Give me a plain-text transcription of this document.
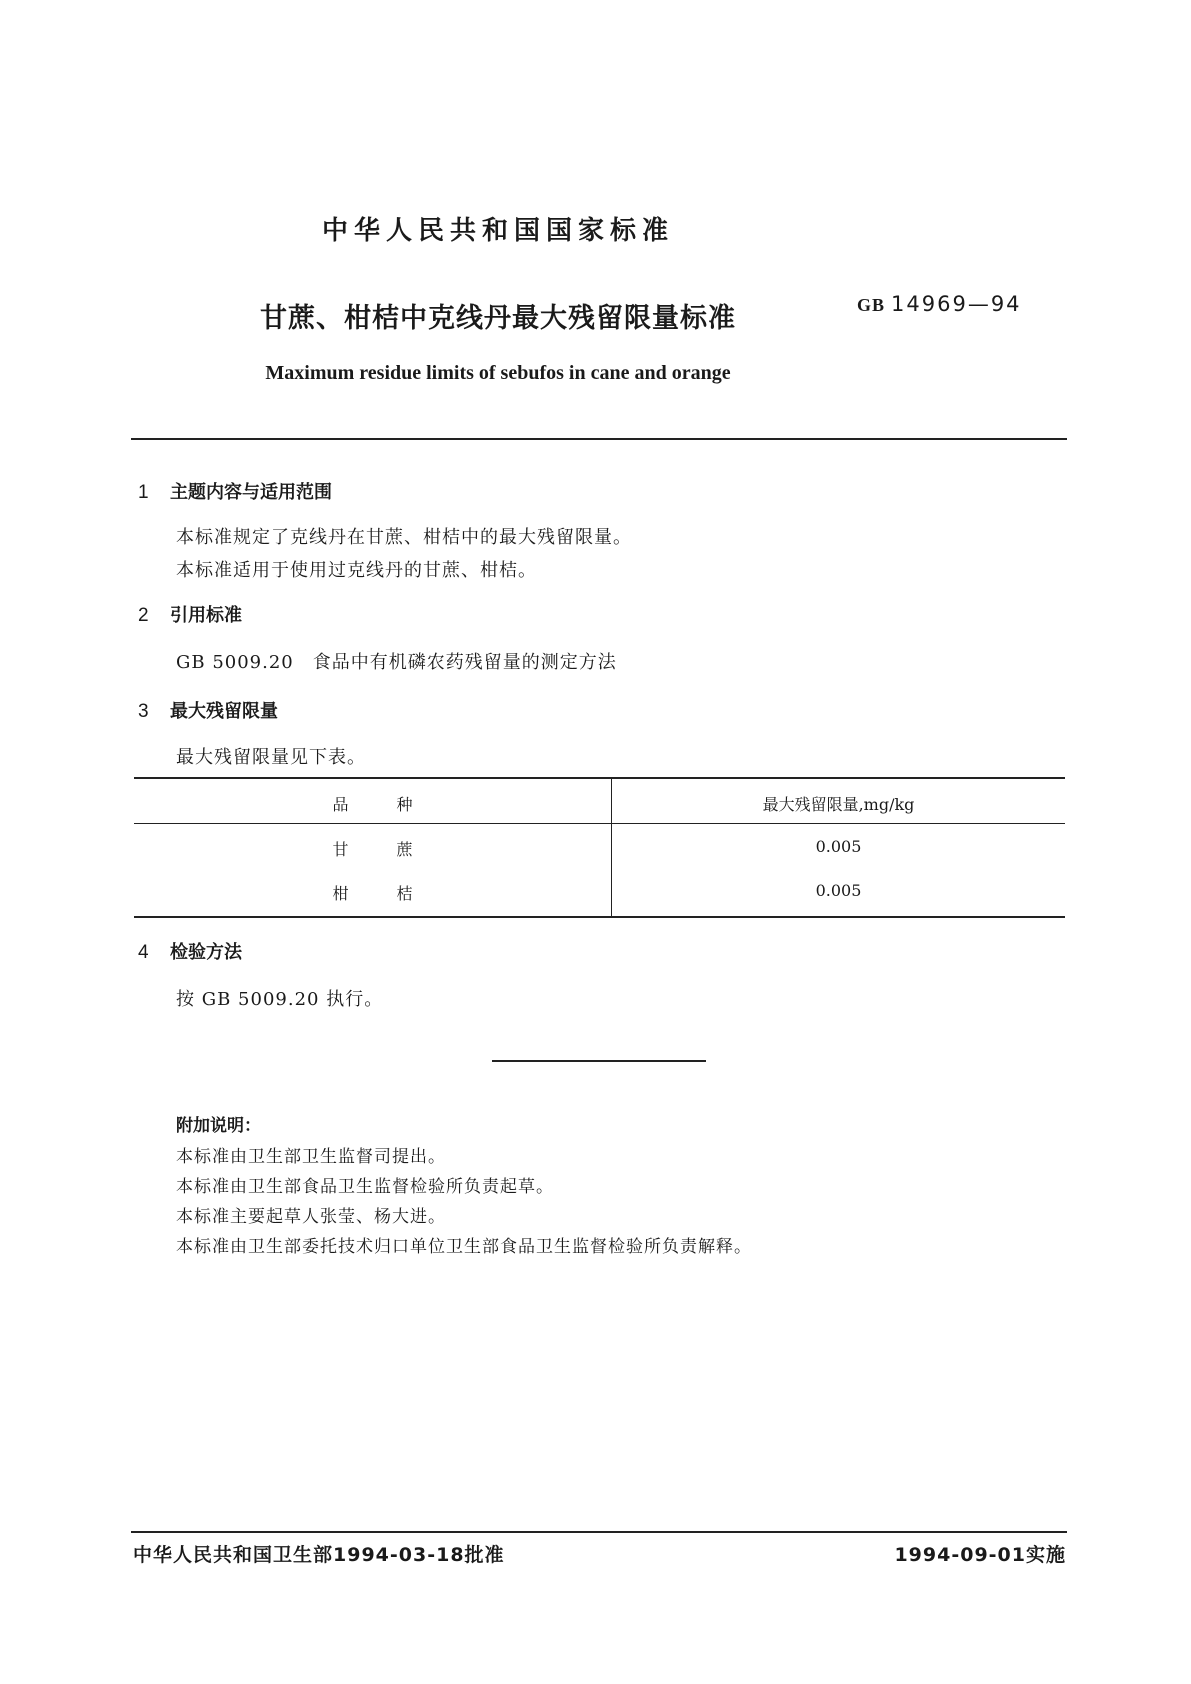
中华人民共和国国家标准
甘蔗、柑桔中克线丹最大残留限量标准	GB 14969—94
Maximum residue limits of sebufos in cane and orange
1 主题内容与适用范围
本标准规定了克线丹在甘蔗、柑桔中的最大残留限量。
本标准适用于使用过克线丹的甘蔗、柑桔。
2 引用标准
GB 5009.20　食品中有机磷农药残留量的测定方法
3 最大残留限量
最大残留限量见下表。
品种	最大残留限量,mg/kg
甘蔗	0.005
柑桔	0.005
4 检验方法
按 GB 5009.20 执行。
附加说明：
本标准由卫生部卫生监督司提出。
本标准由卫生部食品卫生监督检验所负责起草。
本标准主要起草人张莹、杨大进。
本标准由卫生部委托技术归口单位卫生部食品卫生监督检验所负责解释。
中华人民共和国卫生部1994-03-18批准	1994-09-01实施
